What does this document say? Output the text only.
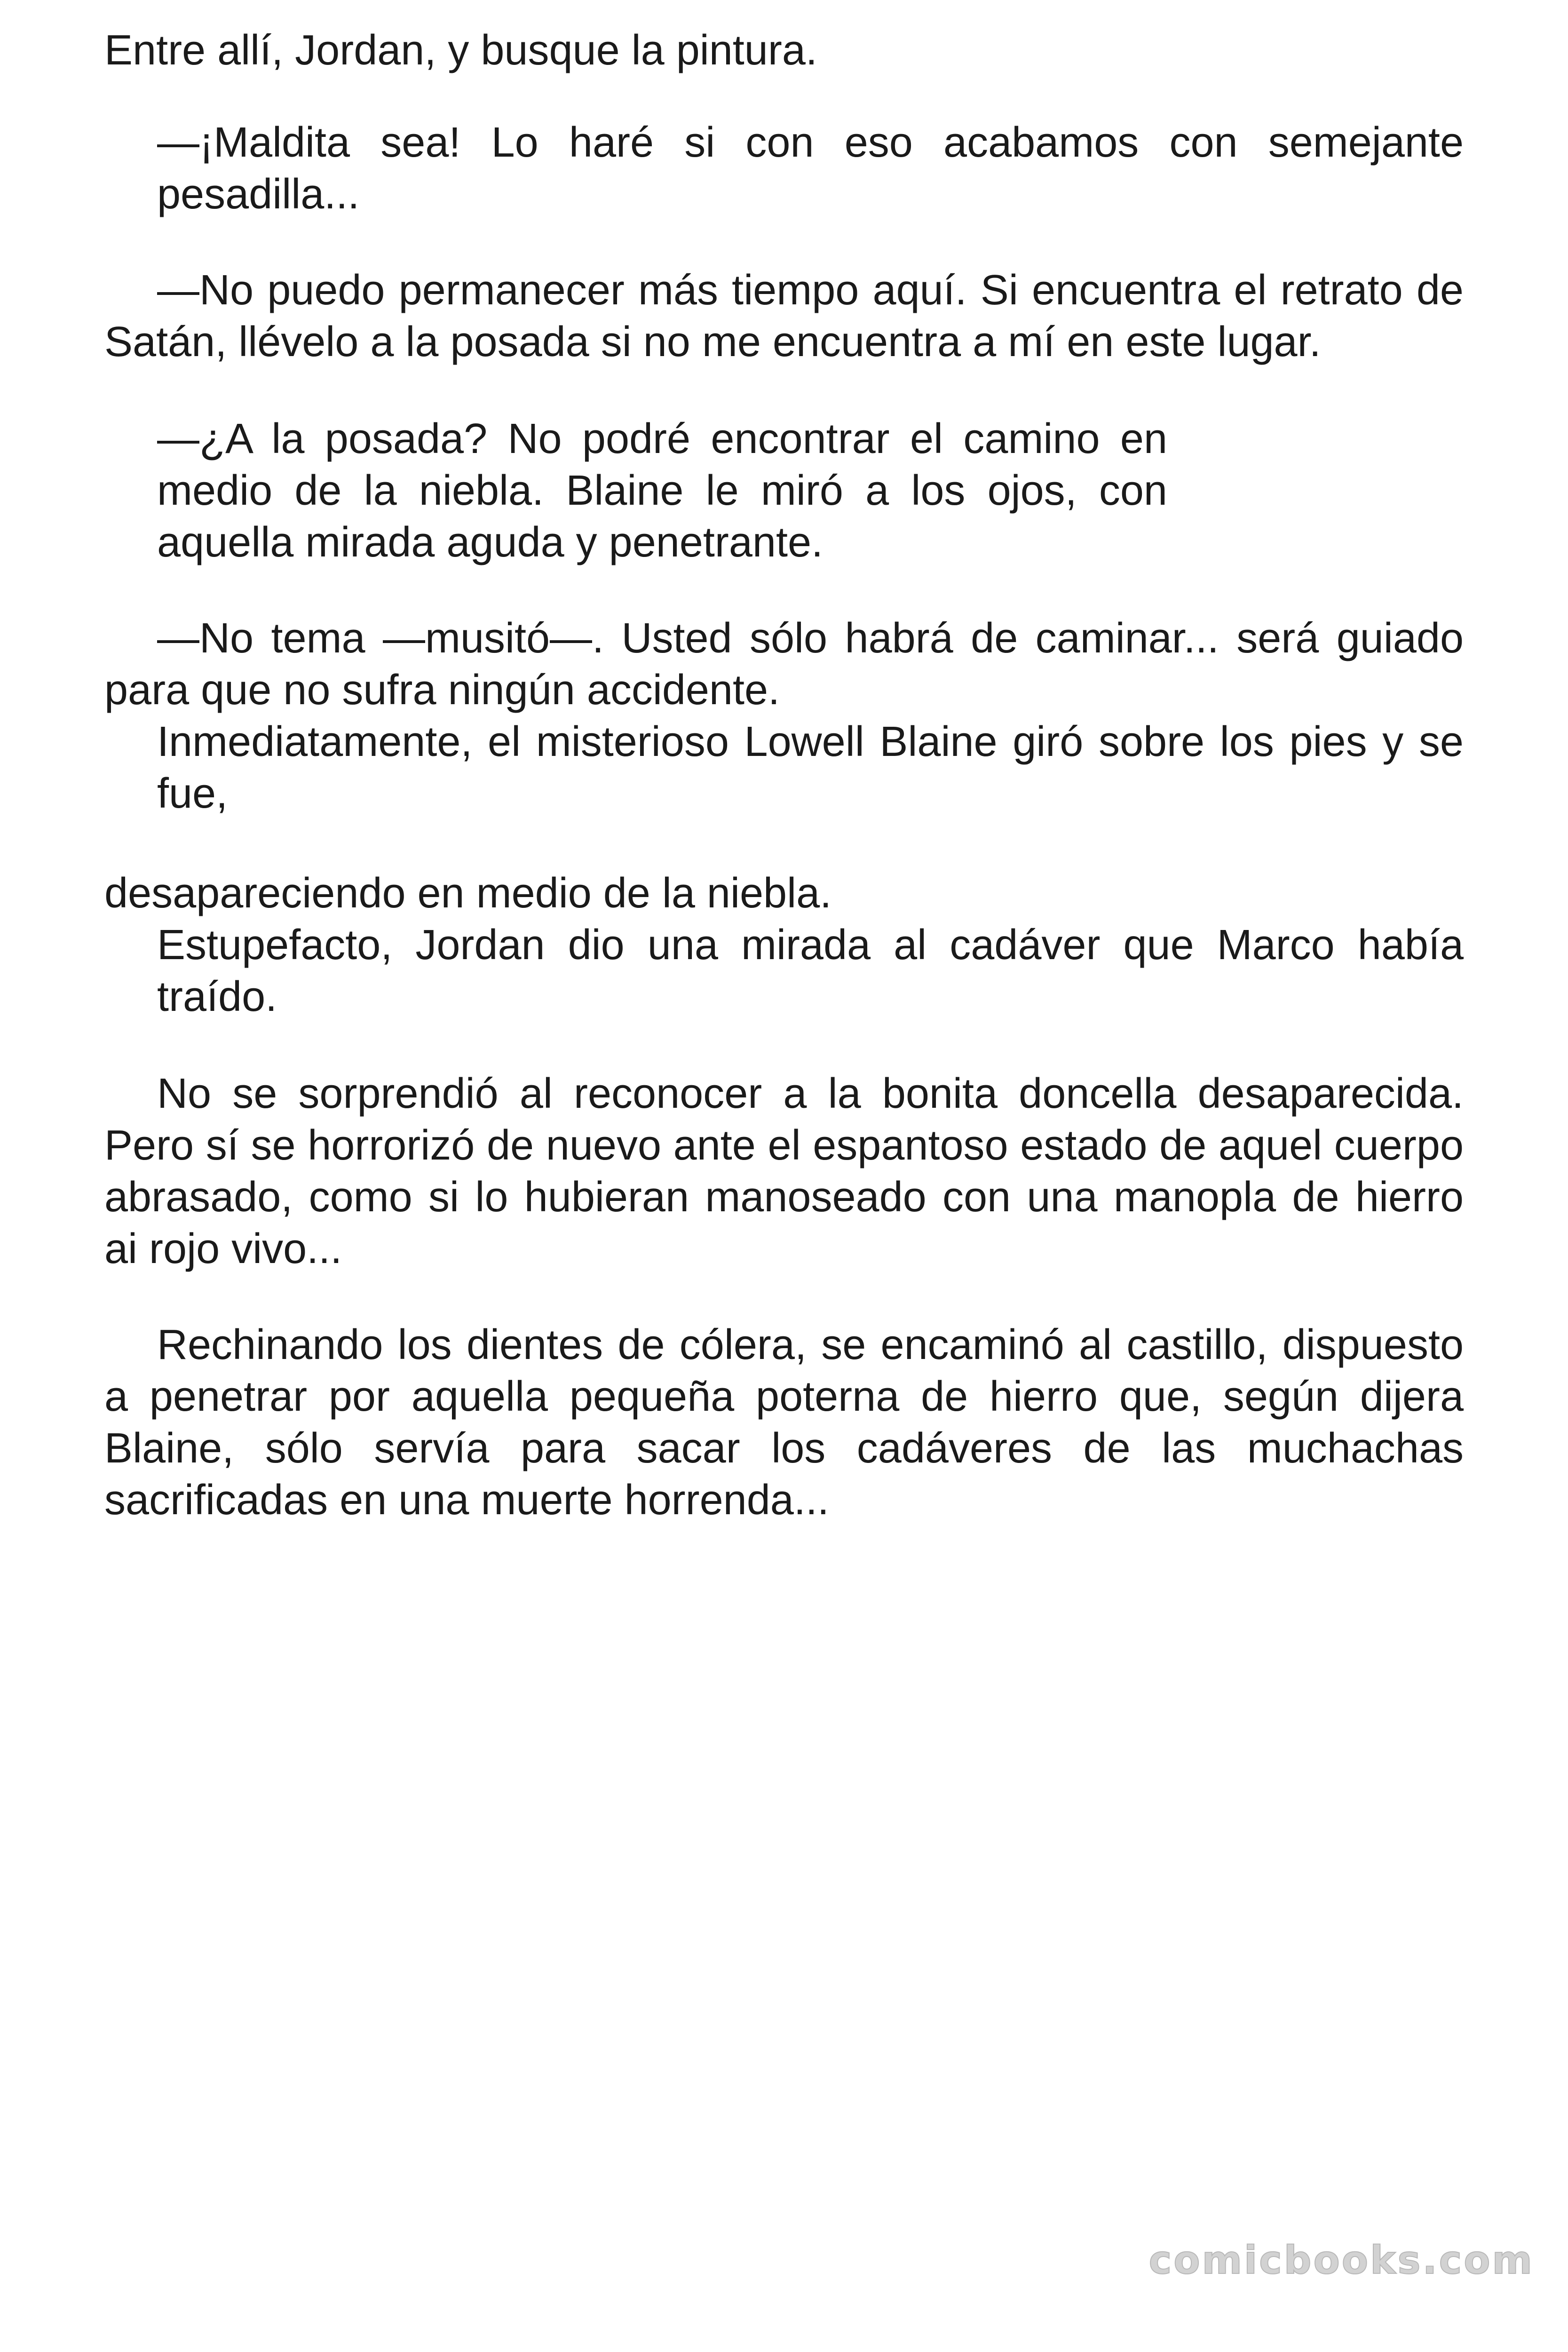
Entre allí, Jordan, y busque la pintura.

—¡Maldita sea! Lo haré si con eso acabamos con semejante pesadilla...

—No puedo permanecer más tiempo aquí. Si encuentra el retrato de Satán, llévelo a la posada si no me encuentra a mí en este lugar.

—¿A la posada? No podré encontrar el camino en medio de la niebla. Blaine le miró a los ojos, con aquella mirada aguda y penetrante.

—No tema —musitó—. Usted sólo habrá de caminar... será guiado para que no sufra ningún accidente.

Inmediatamente, el misterioso Lowell Blaine giró sobre los pies y se fue,

desapareciendo en medio de la niebla.

Estupefacto, Jordan dio una mirada al cadáver que Marco había traído.

No se sorprendió al reconocer a la bonita doncella desaparecida. Pero sí se horrorizó de nuevo ante el espantoso estado de aquel cuerpo abrasado, como si lo hubieran manoseado con una manopla de hierro ai rojo vivo...

Rechinando los dientes de cólera, se encaminó al castillo, dispuesto a penetrar por aquella pequeña poterna de hierro que, según dijera Blaine, sólo servía para sacar los cadáveres de las muchachas sacrificadas en una muerte horrenda...

comicbooks.com
